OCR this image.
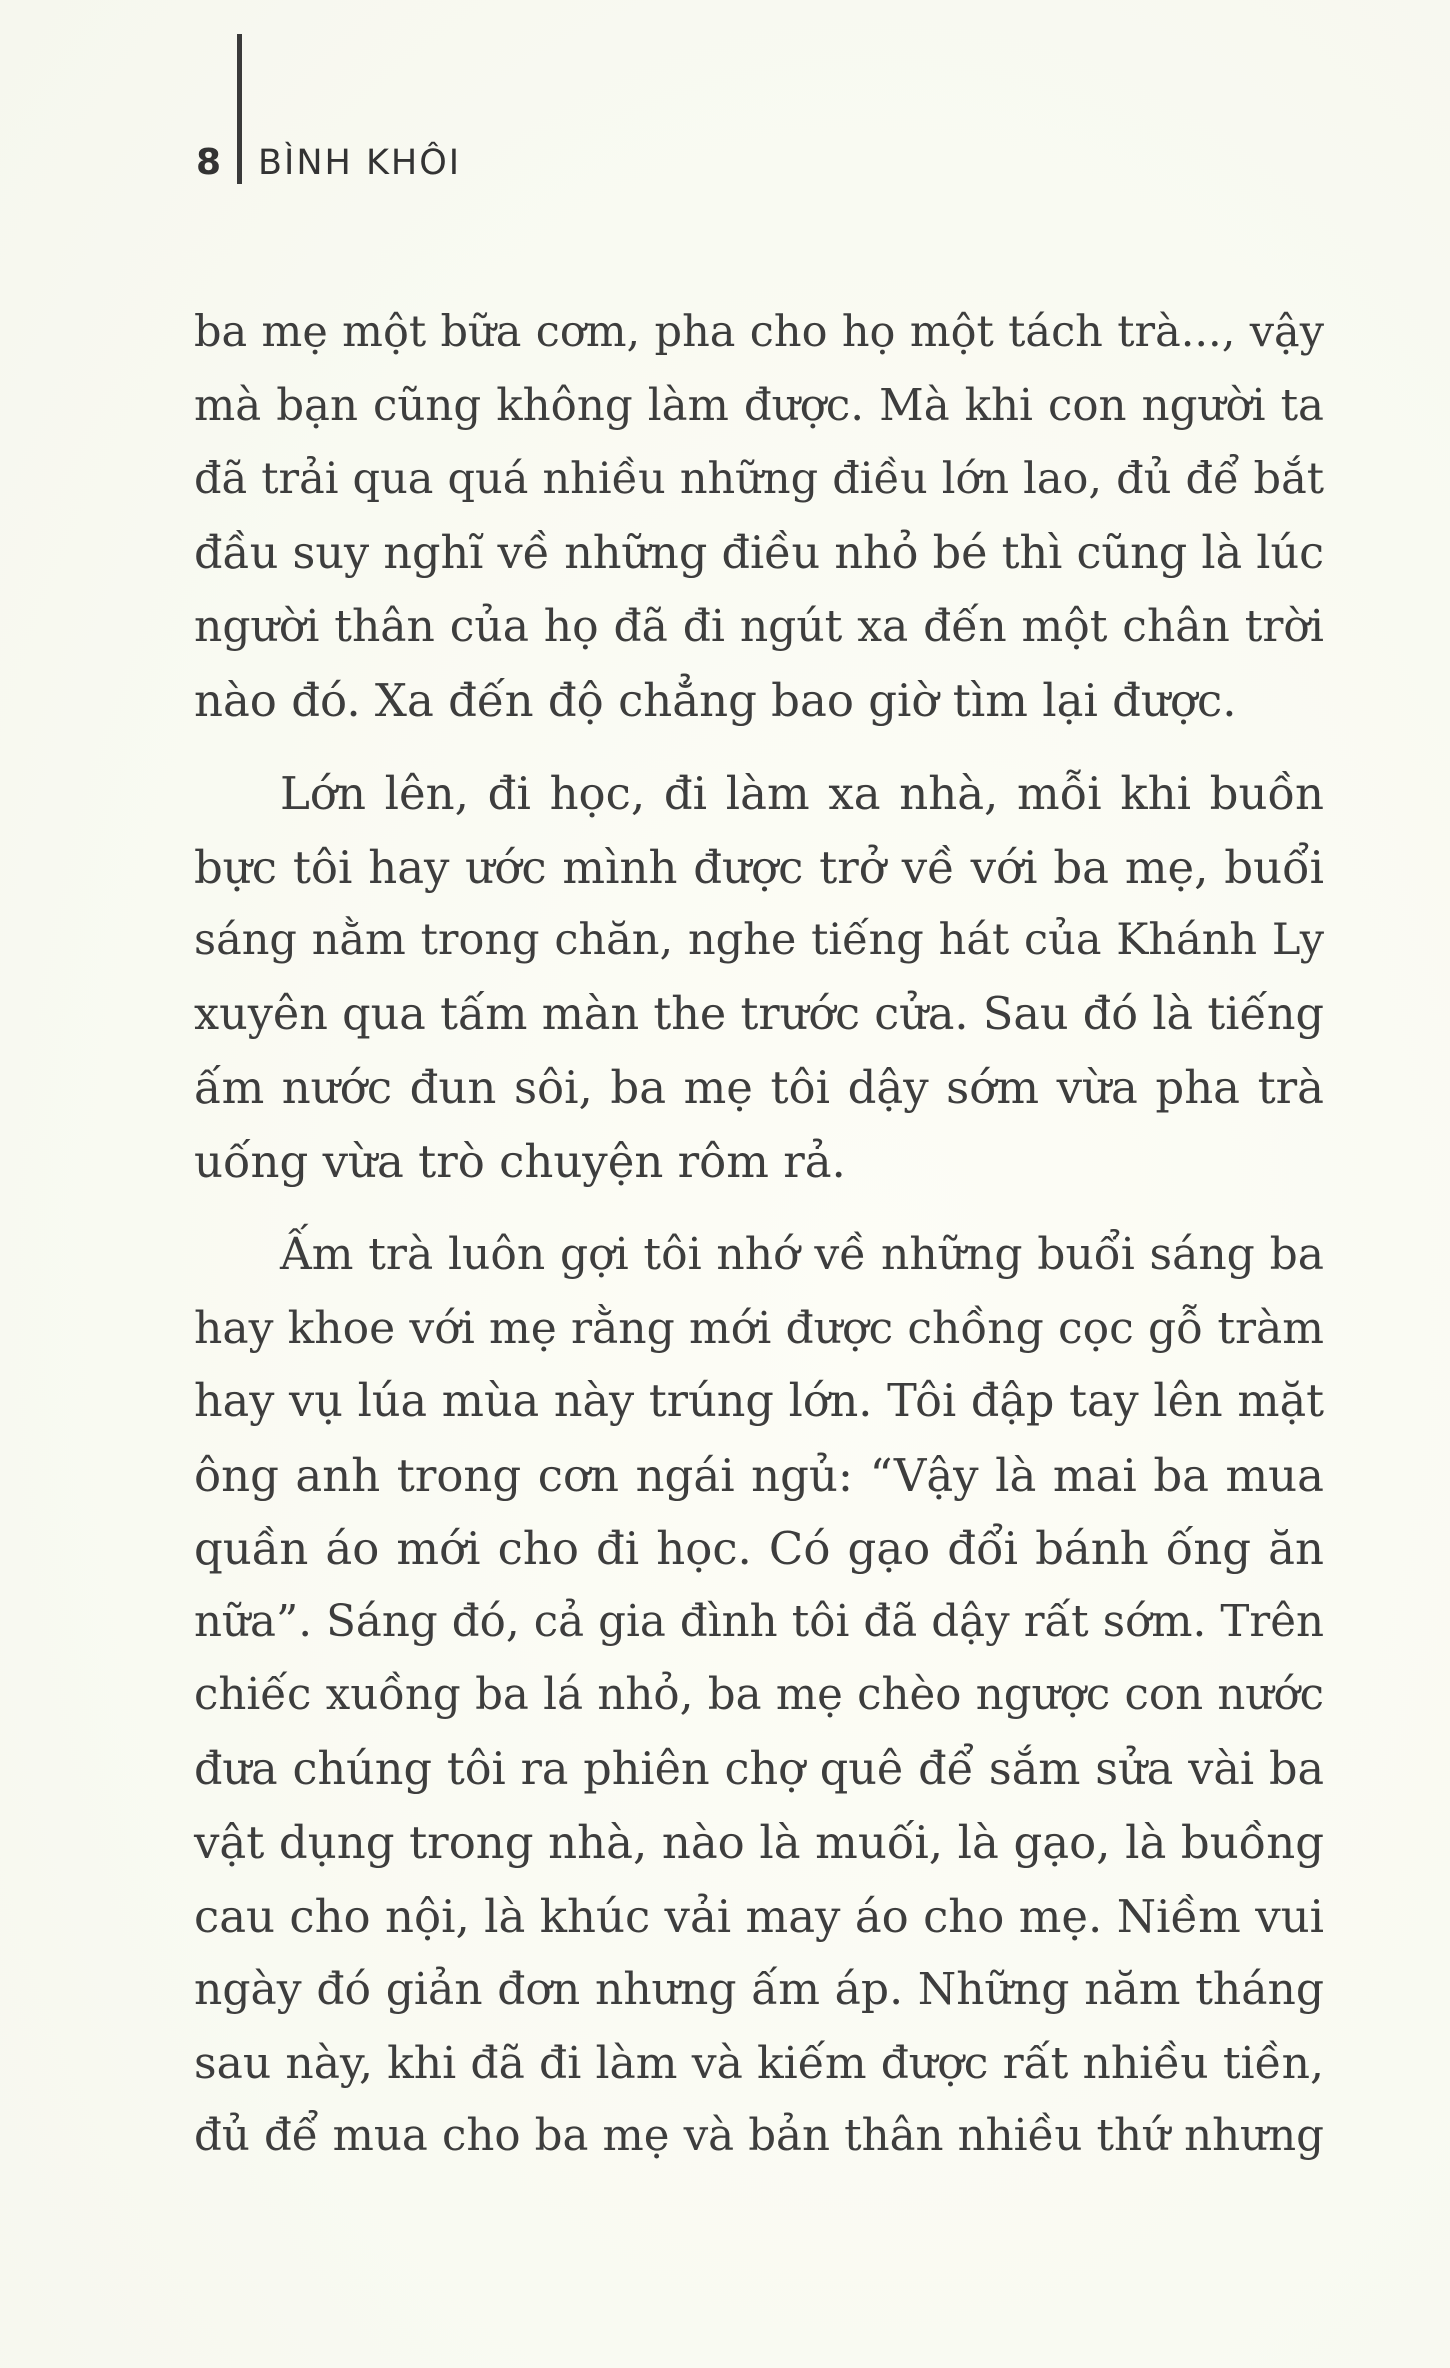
8 BÌNH KHÔI
ba mẹ một bữa cơm, pha cho họ một tách trà..., vậy
mà bạn cũng không làm được. Mà khi con người ta
đã trải qua quá nhiều những điều lớn lao, đủ để bắt
đầu suy nghĩ về những điều nhỏ bé thì cũng là lúc
người thân của họ đã đi ngút xa đến một chân trời
nào đó. Xa đến độ chẳng bao giờ tìm lại được.
Lớn lên, đi học, đi làm xa nhà, mỗi khi buồn
bực tôi hay ước mình được trở về với ba mẹ, buổi
sáng nằm trong chăn, nghe tiếng hát của Khánh Ly
xuyên qua tấm màn the trước cửa. Sau đó là tiếng
ấm nước đun sôi, ba mẹ tôi dậy sớm vừa pha trà
uống vừa trò chuyện rôm rả.
Ấm trà luôn gợi tôi nhớ về những buổi sáng ba
hay khoe với mẹ rằng mới được chồng cọc gỗ tràm
hay vụ lúa mùa này trúng lớn. Tôi đập tay lên mặt
ông anh trong cơn ngái ngủ: “Vậy là mai ba mua
quần áo mới cho đi học. Có gạo đổi bánh ống ăn
nữa”. Sáng đó, cả gia đình tôi đã dậy rất sớm. Trên
chiếc xuồng ba lá nhỏ, ba mẹ chèo ngược con nước
đưa chúng tôi ra phiên chợ quê để sắm sửa vài ba
vật dụng trong nhà, nào là muối, là gạo, là buồng
cau cho nội, là khúc vải may áo cho mẹ. Niềm vui
ngày đó giản đơn nhưng ấm áp. Những năm tháng
sau này, khi đã đi làm và kiếm được rất nhiều tiền,
đủ để mua cho ba mẹ và bản thân nhiều thứ nhưng
